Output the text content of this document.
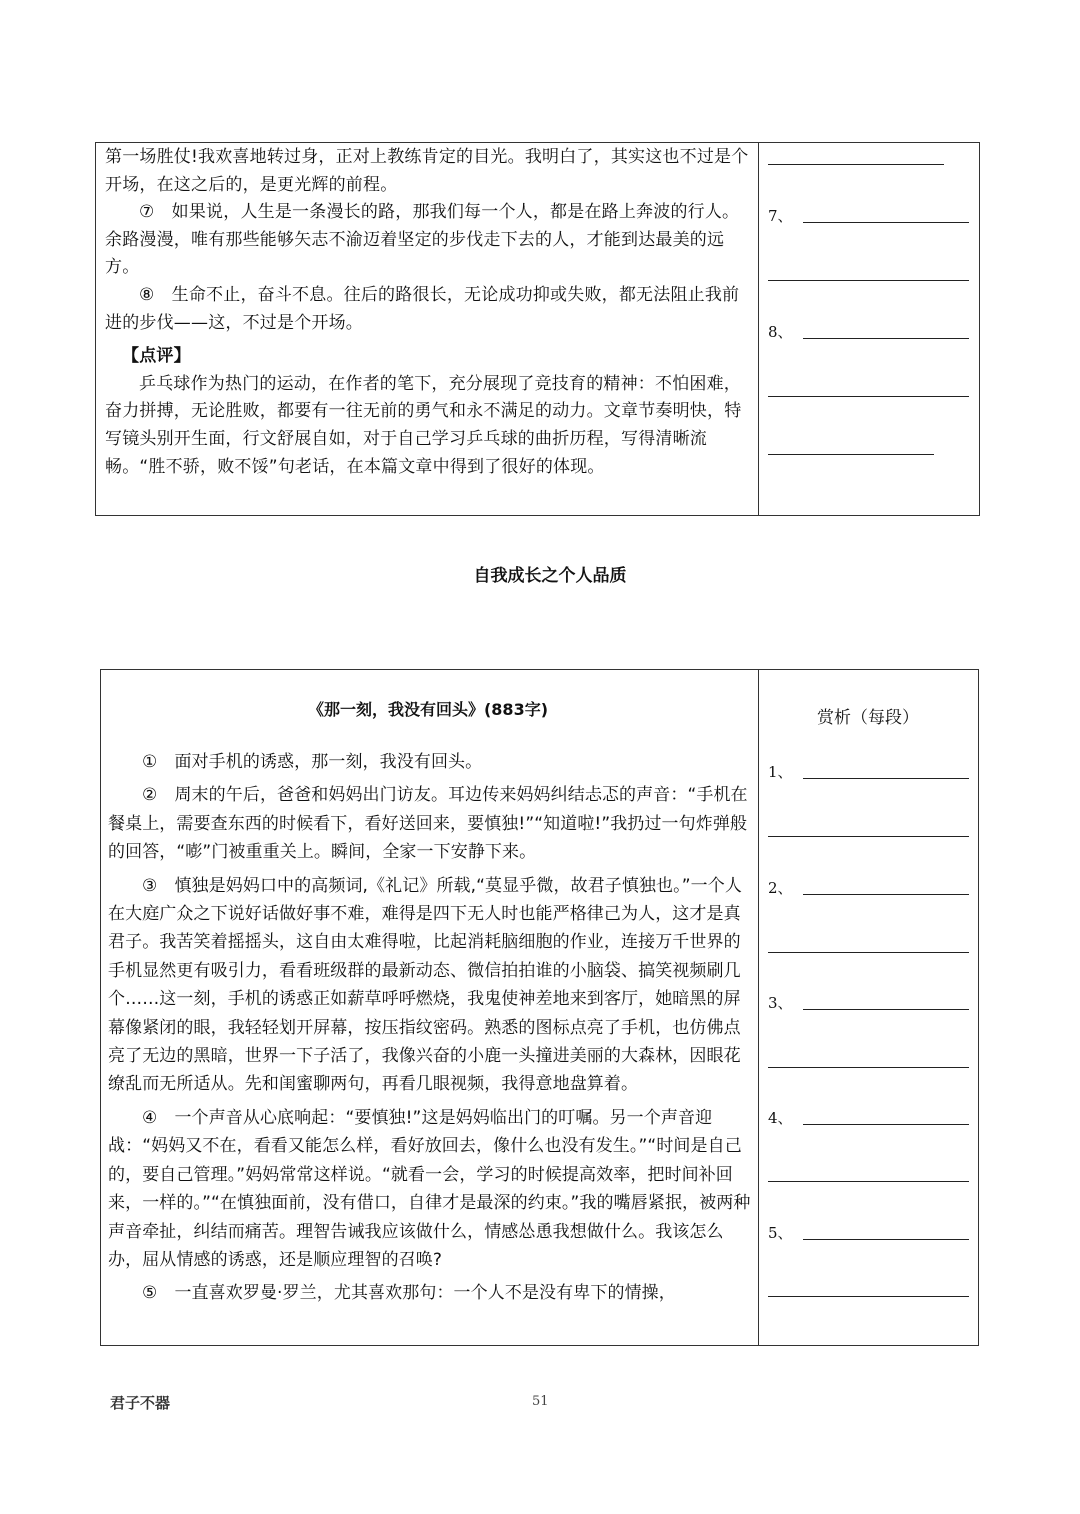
第一场胜仗!我欢喜地转过身，正对上教练肯定的目光。我明白了，其实这也不过是个开场，在这之后的，是更光辉的前程。

⑦　如果说，人生是一条漫长的路，那我们每一个人，都是在路上奔波的行人。余路漫漫，唯有那些能够矢志不渝迈着坚定的步伐走下去的人，才能到达最美的远方。

⑧　生命不止，奋斗不息。往后的路很长，无论成功抑或失败，都无法阻止我前进的步伐——这，不过是个开场。

【点评】

乒乓球作为热门的运动，在作者的笔下，充分展现了竞技育的精神：不怕困难，奋力拼搏，无论胜败，都要有一往无前的勇气和永不满足的动力。文章节奏明快，特写镜头别开生面，行文舒展自如，对于自己学习乒乓球的曲折历程，写得清晰流畅。“胜不骄，败不馁”句老话，在本篇文章中得到了很好的体现。

7、
8、
自我成长之个人品质
《那一刻，我没有回头》(883字)	赏析（每段）

①　面对手机的诱惑，那一刻，我没有回头。

②　周末的午后，爸爸和妈妈出门访友。耳边传来妈妈纠结忐忑的声音：“手机在餐桌上，需要查东西的时候看下，看好送回来，要慎独!”“知道啦!”我扔过一句炸弹般的回答，“嘭”门被重重关上。瞬间，全家一下安静下来。

③　慎独是妈妈口中的高频词,《礼记》所载,“莫显乎微，故君子慎独也。”一个人在大庭广众之下说好话做好事不难，难得是四下无人时也能严格律己为人，这才是真君子。我苦笑着摇摇头，这自由太难得啦，比起消耗脑细胞的作业，连接万千世界的手机显然更有吸引力，看看班级群的最新动态、微信拍拍谁的小脑袋、搞笑视频刷几个……这一刻，手机的诱惑正如薪草呼呼燃烧，我鬼使神差地来到客厅，她暗黑的屏幕像紧闭的眼，我轻轻划开屏幕，按压指纹密码。熟悉的图标点亮了手机，也仿佛点亮了无边的黑暗，世界一下子活了，我像兴奋的小鹿一头撞进美丽的大森林，因眼花缭乱而无所适从。先和闺蜜聊两句，再看几眼视频，我得意地盘算着。

④　一个声音从心底响起：“要慎独!”这是妈妈临出门的叮嘱。另一个声音迎战：“妈妈又不在，看看又能怎么样，看好放回去，像什么也没有发生。”“时间是自己的，要自己管理。”妈妈常常这样说。“就看一会，学习的时候提高效率，把时间补回来，一样的。”“在慎独面前，没有借口，自律才是最深的约束。”我的嘴唇紧抿，被两种声音牵扯，纠结而痛苦。理智告诫我应该做什么，情感怂恿我想做什么。我该怎么办，屈从情感的诱惑，还是顺应理智的召唤?

⑤　一直喜欢罗曼·罗兰，尤其喜欢那句：一个人不是没有卑下的情操，

1、
2、
3、
4、
5、
君子不器	51
